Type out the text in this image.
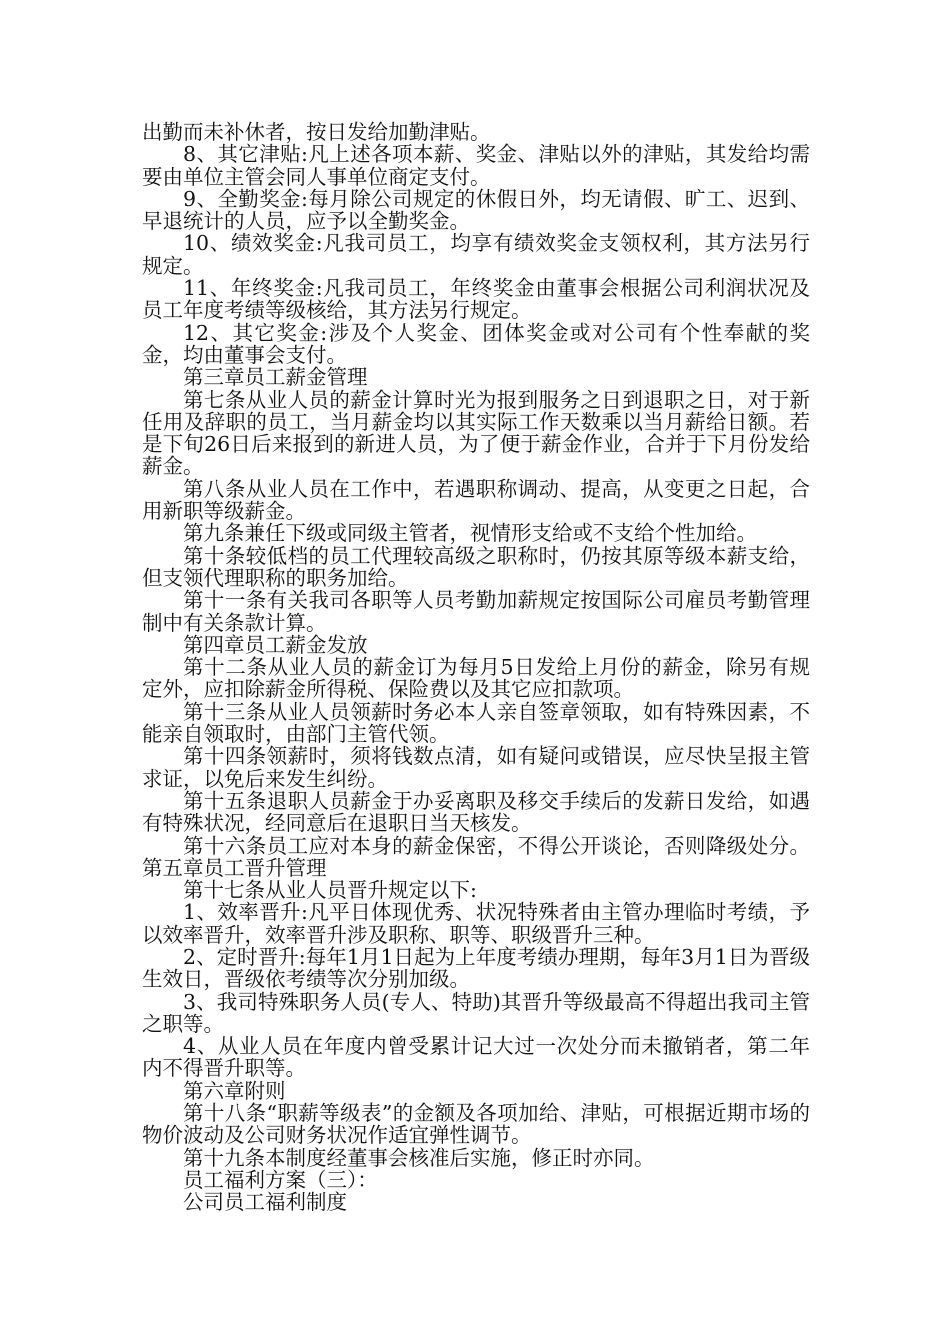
出勤而未补休者，按日发给加勤津贴。

8、其它津贴:凡上述各项本薪、奖金、津贴以外的津贴，其发给均需要由单位主管会同人事单位商定支付。

9、全勤奖金:每月除公司规定的休假日外，均无请假、旷工、迟到、早退统计的人员，应予以全勤奖金。

10、绩效奖金:凡我司员工，均享有绩效奖金支领权利，其方法另行规定。

11、年终奖金:凡我司员工，年终奖金由董事会根据公司利润状况及员工年度考绩等级核给，其方法另行规定。

12、其它奖金:涉及个人奖金、团体奖金或对公司有个性奉献的奖金，均由董事会支付。

第三章员工薪金管理

第七条从业人员的薪金计算时光为报到服务之日到退职之日，对于新任用及辞职的员工，当月薪金均以其实际工作天数乘以当月薪给日额。若是下旬26日后来报到的新进人员，为了便于薪金作业，合并于下月份发给薪金。

第八条从业人员在工作中，若遇职称调动、提高，从变更之日起，合用新职等级薪金。

第九条兼任下级或同级主管者，视情形支给或不支给个性加给。

第十条较低档的员工代理较高级之职称时，仍按其原等级本薪支给，但支领代理职称的职务加给。

第十一条有关我司各职等人员考勤加薪规定按国际公司雇员考勤管理制中有关条款计算。

第四章员工薪金发放

第十二条从业人员的薪金订为每月5日发给上月份的薪金，除另有规定外，应扣除薪金所得税、保险费以及其它应扣款项。

第十三条从业人员领薪时务必本人亲自签章领取，如有特殊因素，不能亲自领取时，由部门主管代领。

第十四条领薪时，须将钱数点清，如有疑问或错误，应尽快呈报主管求证，以免后来发生纠纷。

第十五条退职人员薪金于办妥离职及移交手续后的发薪日发给，如遇有特殊状况，经同意后在退职日当天核发。

第十六条员工应对本身的薪金保密，不得公开谈论，否则降级处分。第五章员工晋升管理

第十七条从业人员晋升规定以下:

1、效率晋升:凡平日体现优秀、状况特殊者由主管办理临时考绩，予以效率晋升，效率晋升涉及职称、职等、职级晋升三种。

2、定时晋升:每年1月1日起为上年度考绩办理期，每年3月1日为晋级生效日，晋级依考绩等次分别加级。

3、我司特殊职务人员(专人、特助)其晋升等级最高不得超出我司主管之职等。

4、从业人员在年度内曾受累计记大过一次处分而未撤销者，第二年内不得晋升职等。

第六章附则

第十八条“职薪等级表”的金额及各项加给、津贴，可根据近期市场的物价波动及公司财务状况作适宜弹性调节。

第十九条本制度经董事会核准后实施，修正时亦同。

员工福利方案（三）：

公司员工福利制度
